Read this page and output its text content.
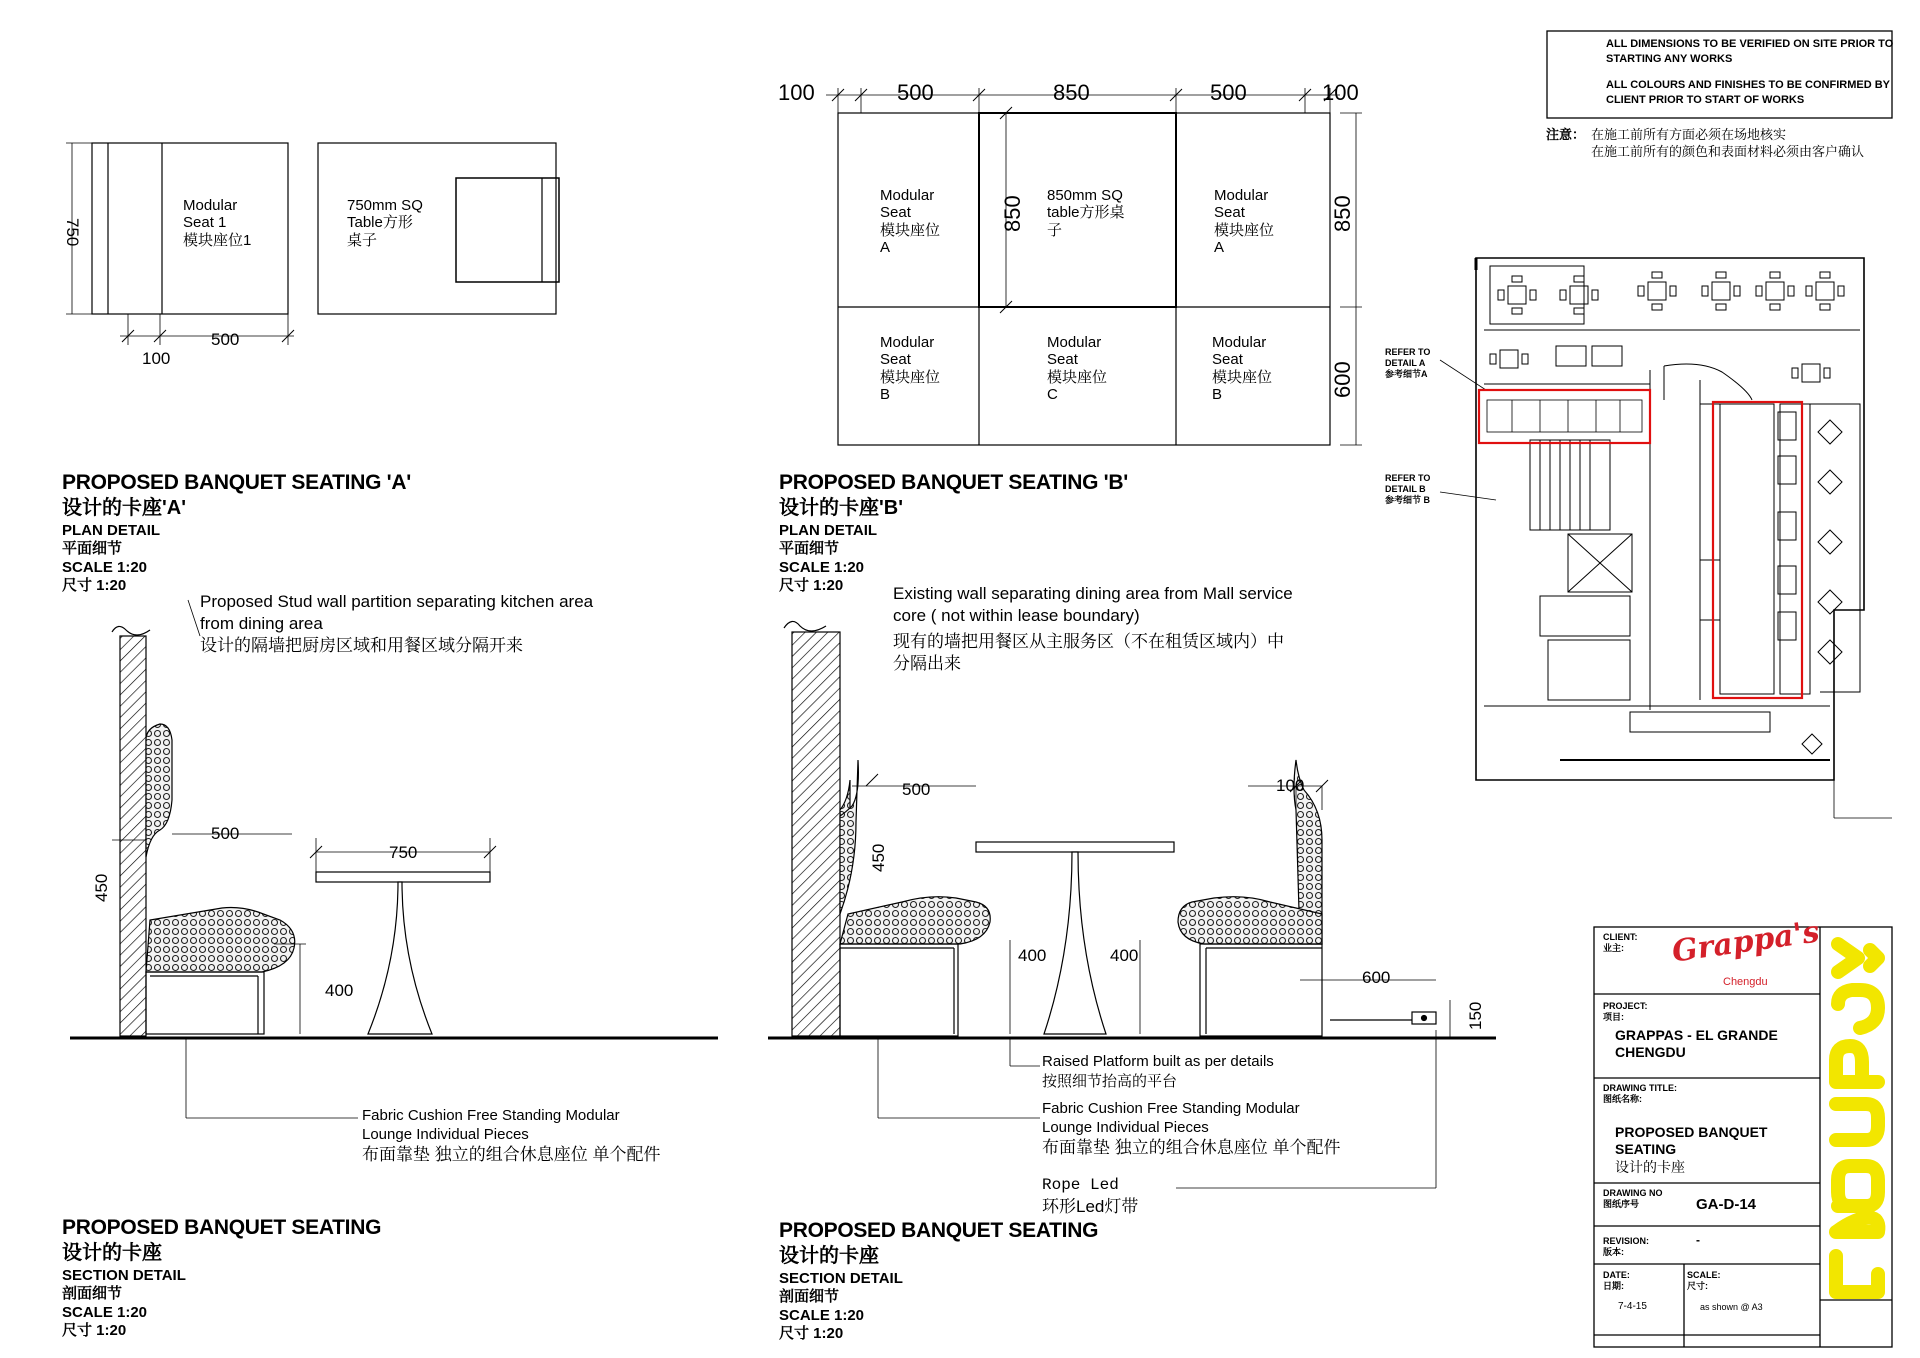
ALL DIMENSIONS TO BE VERIFIED ON SITE PRIOR TO
STARTING ANY WORKS
ALL COLOURS AND FINISHES TO BE CONFIRMED BY
CLIENT PRIOR TO START OF WORKS
注意： 在施工前所有方面必须在场地核实
在施工前所有的颜色和表面材料必须由客户确认
Modular
Seat 1
模块座位1
750mm SQ
Table方形
桌子
750
500
100
PROPOSED BANQUET SEATING 'A'
设计的卡座'A'
PLAN DETAIL
平面细节
SCALE 1:20
尺寸 1:20
100	500	850	500	100
850	850
600
Modular
Seat
模块座位
A
850mm SQ
table方形桌
子
Modular
Seat
模块座位
A
Modular
Seat
模块座位
B
Modular
Seat
模块座位
C
Modular
Seat
模块座位
B
PROPOSED BANQUET SEATING 'B'
设计的卡座'B'
PLAN DETAIL
平面细节
SCALE 1:20
尺寸 1:20
Proposed Stud wall partition separating kitchen area
from dining area
设计的隔墙把厨房区域和用餐区域分隔开来
500
750
450
400
Fabric Cushion Free Standing Modular
Lounge Individual Pieces
布面靠垫 独立的组合休息座位 单个配件
PROPOSED BANQUET SEATING
设计的卡座
SECTION DETAIL
剖面细节
SCALE 1:20
尺寸 1:20
Existing wall separating dining area from Mall service
core ( not within lease boundary)
现有的墙把用餐区从主服务区（不在租赁区域内）中
分隔出来
500	100
450
400	400
600
150
Raised Platform built as per details
按照细节抬高的平台
Fabric Cushion Free Standing Modular
Lounge Individual Pieces
布面靠垫 独立的组合休息座位 单个配件
Rope Led
环形Led灯带
PROPOSED BANQUET SEATING
设计的卡座
SECTION DETAIL
剖面细节
SCALE 1:20
尺寸 1:20
REFER TO
DETAIL A
参考细节A
REFER TO
DETAIL B
参考细节 B
CLIENT:
业主: Grappa's
Chengdu
PROJECT:
项目:
GRAPPAS - EL GRANDE
CHENGDU
DRAWING TITLE:
图纸名称:
PROPOSED BANQUET
SEATING
设计的卡座
DRAWING NO
图纸序号	GA-D-14
REVISION:
版本:
-
DATE:
日期:
7-4-15
SCALE:
尺寸:
as shown @ A3
